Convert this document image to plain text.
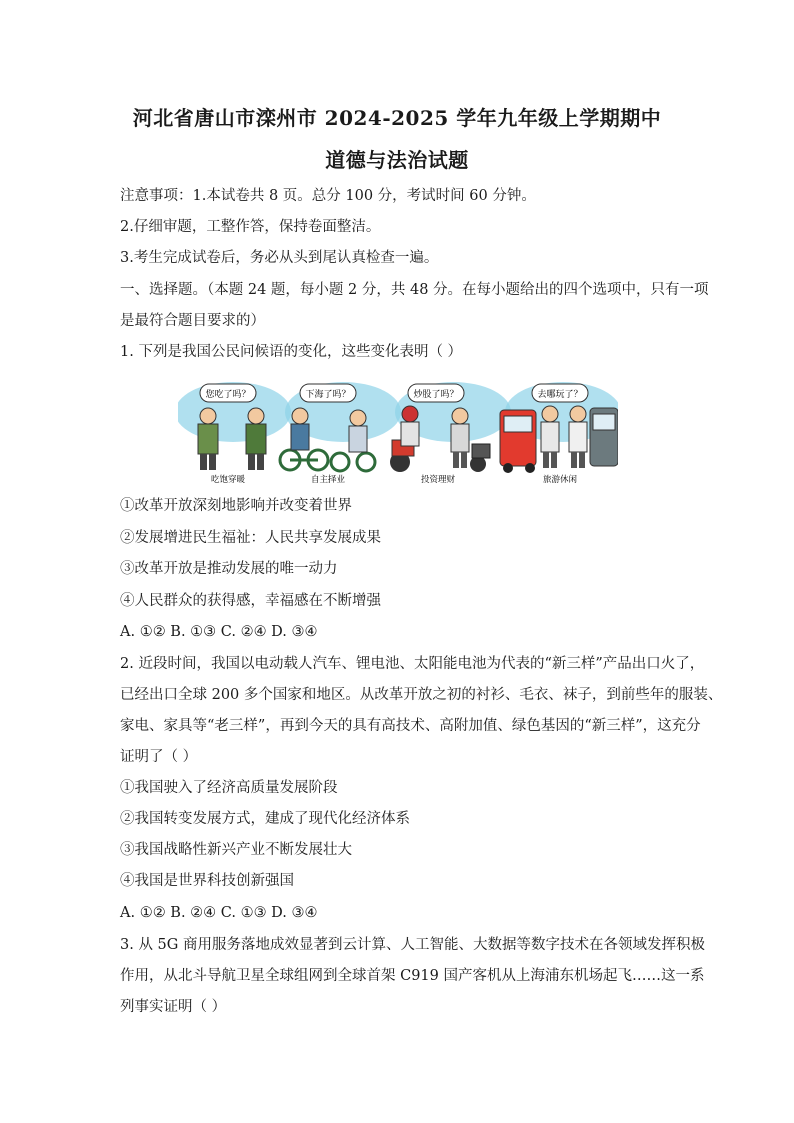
河北省唐山市滦州市 2024-2025 学年九年级上学期期中
道德与法治试题
注意事项：1.本试卷共 8 页。总分 100 分，考试时间 60 分钟。
2.仔细审题，工整作答，保持卷面整洁。
3.考生完成试卷后，务必从头到尾认真检查一遍。
一、选择题。（本题 24 题，每小题 2 分，共 48 分。在每小题给出的四个选项中，只有一项
是最符合题目要求的）
1. 下列是我国公民问候语的变化，这些变化表明（ ）
您吃了吗？	下海了吗？	炒股了吗？	去哪玩了？
吃饱穿暖	自主择业	投资理财	旅游休闲
①改革开放深刻地影响并改变着世界
②发展增进民生福祉：人民共享发展成果
③改革开放是推动发展的唯一动力
④人民群众的获得感，幸福感在不断增强
A. ①② B. ①③ C. ②④ D. ③④
2. 近段时间，我国以电动载人汽车、锂电池、太阳能电池为代表的“新三样”产品出口火了，
已经出口全球 200 多个国家和地区。从改革开放之初的衬衫、毛衣、袜子，到前些年的服装、
家电、家具等“老三样”，再到今天的具有高技术、高附加值、绿色基因的“新三样”，这充分
证明了（ ）
①我国驶入了经济高质量发展阶段
②我国转变发展方式，建成了现代化经济体系
③我国战略性新兴产业不断发展壮大
④我国是世界科技创新强国
A. ①② B. ②④ C. ①③ D. ③④
3. 从 5G 商用服务落地成效显著到云计算、人工智能、大数据等数字技术在各领域发挥积极
作用，从北斗导航卫星全球组网到全球首架 C919 国产客机从上海浦东机场起飞……这一系
列事实证明（ ）
